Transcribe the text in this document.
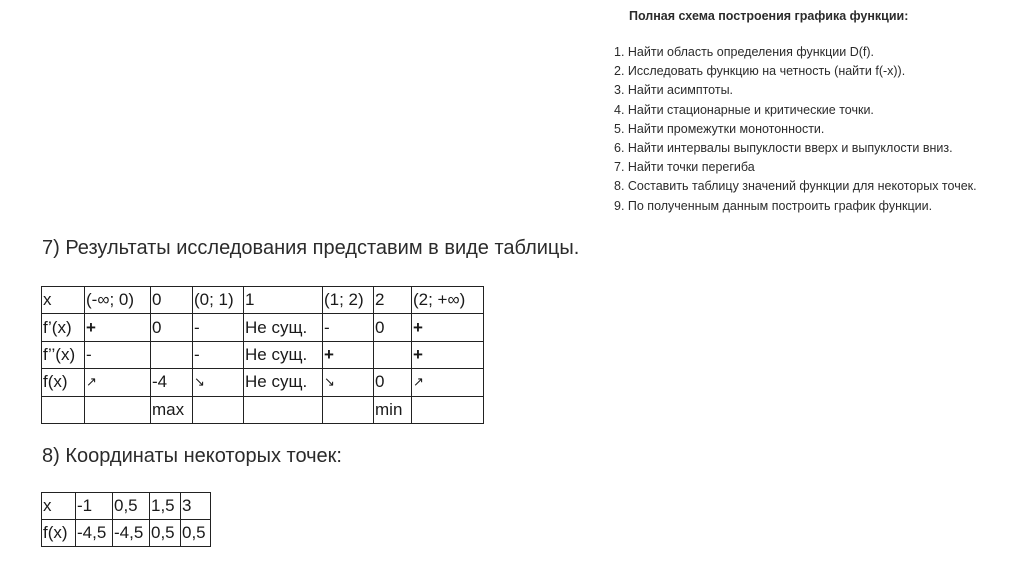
Полная схема построения графика функции:
1. Найти область определения функции D(f).
2. Исследовать функцию на четность (найти f(-x)).
3. Найти асимптоты.
4. Найти стационарные и критические точки.
5. Найти промежутки монотонности.
6. Найти интервалы выпуклости вверх и выпуклости вниз.
7. Найти точки перегиба
8. Составить таблицу значений функции для некоторых точек.
9. По полученным данным построить график функции.
7) Результаты исследования представим в виде таблицы.
x	(-∞; 0)	0	(0; 1)	1	(1; 2)	2	(2; +∞)
f’(x)	+	0	-	Не сущ.	-	0	+
f’’(x)	-		-	Не сущ.	+		+
f(x)	↗	-4	↘	Не сущ.	↘	0	↗
		max				min	
8) Координаты некоторых точек:
x	-1	0,5	1,5	3
f(x)	-4,5	-4,5	0,5	0,5
